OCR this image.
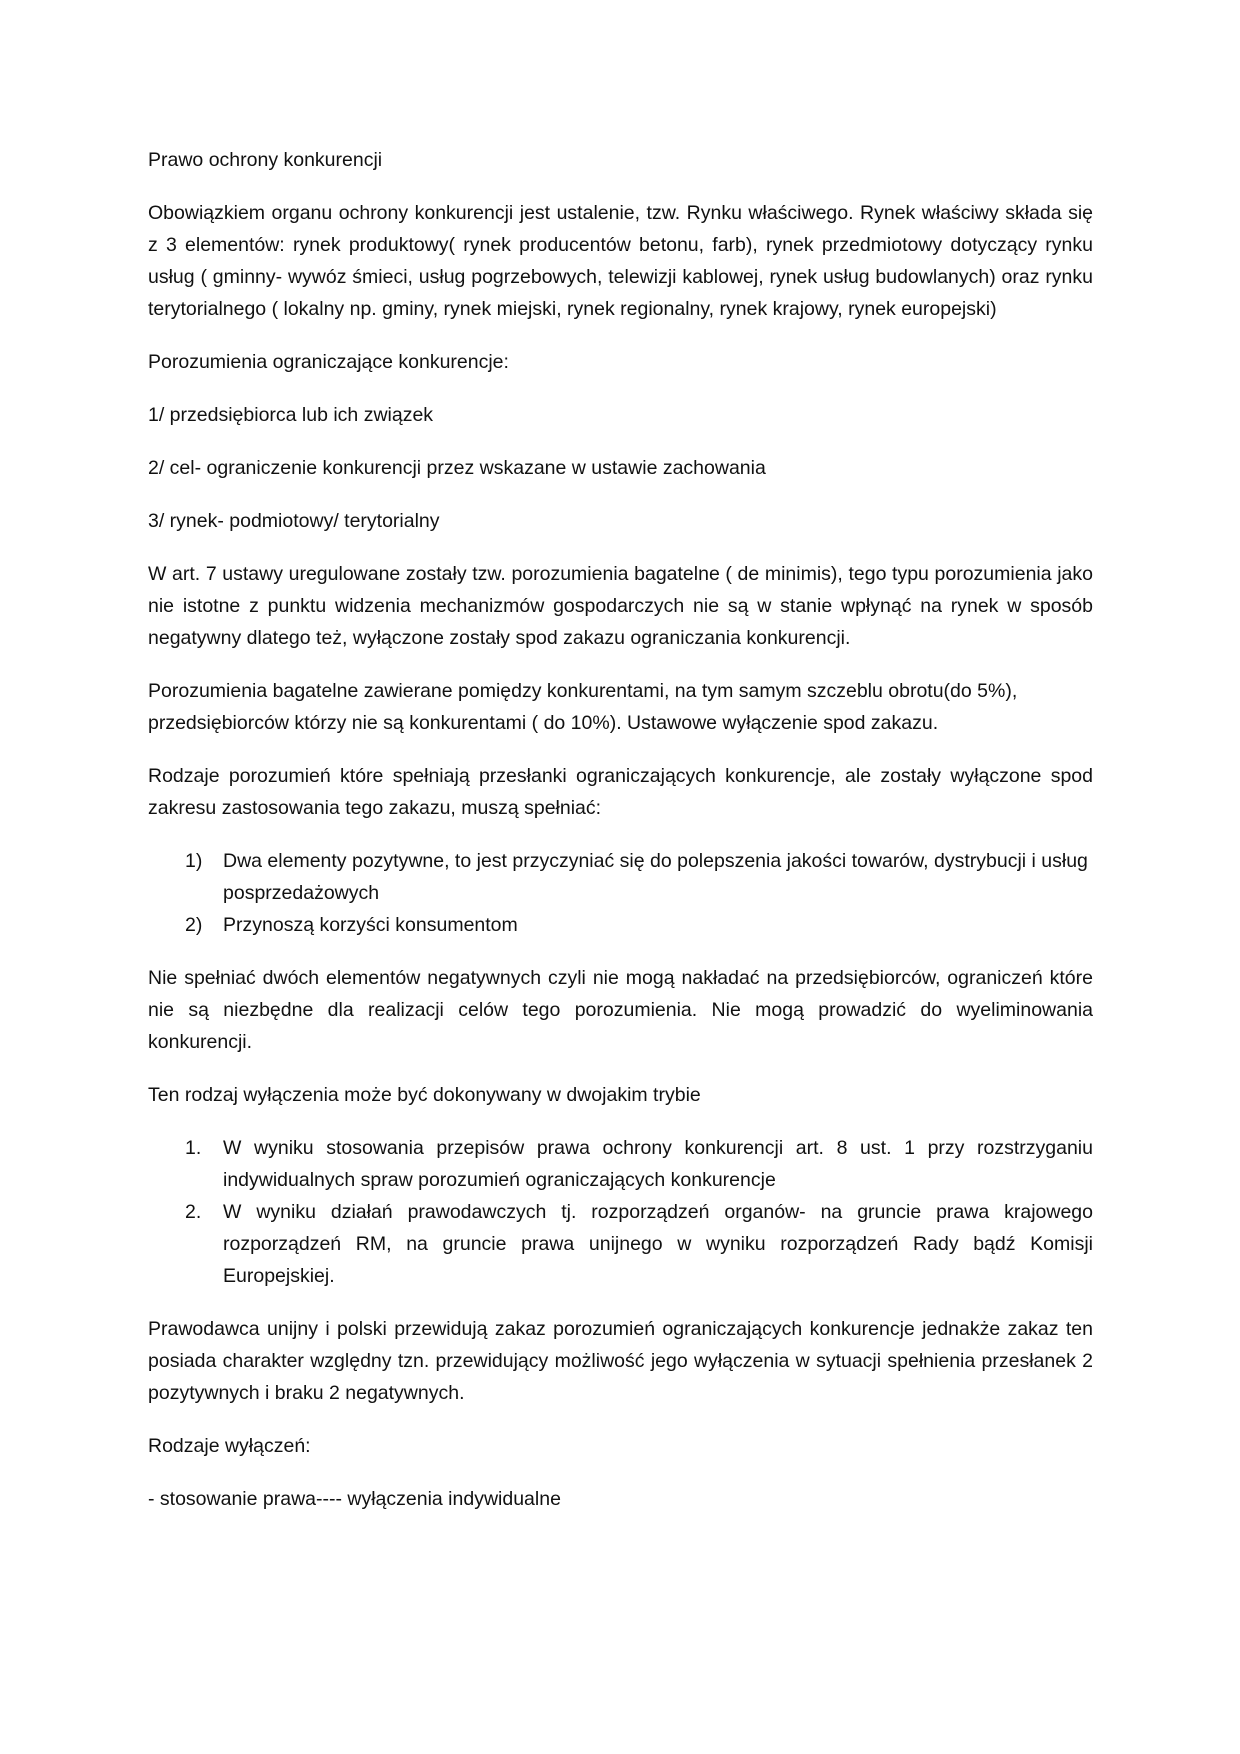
Prawo ochrony konkurencji

Obowiązkiem organu ochrony konkurencji jest ustalenie, tzw. Rynku właściwego. Rynek właściwy składa się z 3 elementów: rynek produktowy( rynek producentów betonu, farb), rynek przedmiotowy dotyczący rynku usług ( gminny- wywóz śmieci, usług pogrzebowych, telewizji kablowej, rynek usług budowlanych) oraz rynku terytorialnego ( lokalny np. gminy, rynek miejski, rynek regionalny, rynek krajowy, rynek europejski)

Porozumienia ograniczające konkurencje:

1/ przedsiębiorca lub ich związek

2/ cel- ograniczenie konkurencji przez wskazane w ustawie zachowania

3/ rynek- podmiotowy/ terytorialny

W art. 7 ustawy uregulowane zostały tzw. porozumienia bagatelne ( de minimis), tego typu porozumienia jako nie istotne z punktu widzenia mechanizmów gospodarczych nie są w stanie wpłynąć na rynek w sposób negatywny dlatego też, wyłączone zostały spod zakazu ograniczania konkurencji.

Porozumienia bagatelne zawierane pomiędzy konkurentami, na tym samym szczeblu obrotu(do 5%), przedsiębiorców którzy nie są konkurentami ( do 10%). Ustawowe wyłączenie spod zakazu.

Rodzaje porozumień które spełniają przesłanki ograniczających konkurencje, ale zostały wyłączone spod zakresu zastosowania tego zakazu, muszą spełniać:

1) Dwa elementy pozytywne, to jest przyczyniać się do polepszenia jakości towarów, dystrybucji i usług posprzedażowych
2) Przynoszą korzyści konsumentom

Nie spełniać dwóch elementów negatywnych czyli nie mogą nakładać na przedsiębiorców, ograniczeń które nie są niezbędne dla realizacji celów tego porozumienia. Nie mogą prowadzić do wyeliminowania konkurencji.

Ten rodzaj wyłączenia może być dokonywany w dwojakim trybie

1. W wyniku stosowania przepisów prawa ochrony konkurencji art. 8 ust. 1 przy rozstrzyganiu indywidualnych spraw porozumień ograniczających konkurencje
2. W wyniku działań prawodawczych tj. rozporządzeń organów- na gruncie prawa krajowego rozporządzeń RM, na gruncie prawa unijnego w wyniku rozporządzeń Rady bądź Komisji Europejskiej.

Prawodawca unijny i polski przewidują zakaz porozumień ograniczających konkurencje jednakże zakaz ten posiada charakter względny tzn. przewidujący możliwość jego wyłączenia w sytuacji spełnienia przesłanek 2 pozytywnych i braku 2 negatywnych.

Rodzaje wyłączeń:

- stosowanie prawa---- wyłączenia indywidualne
